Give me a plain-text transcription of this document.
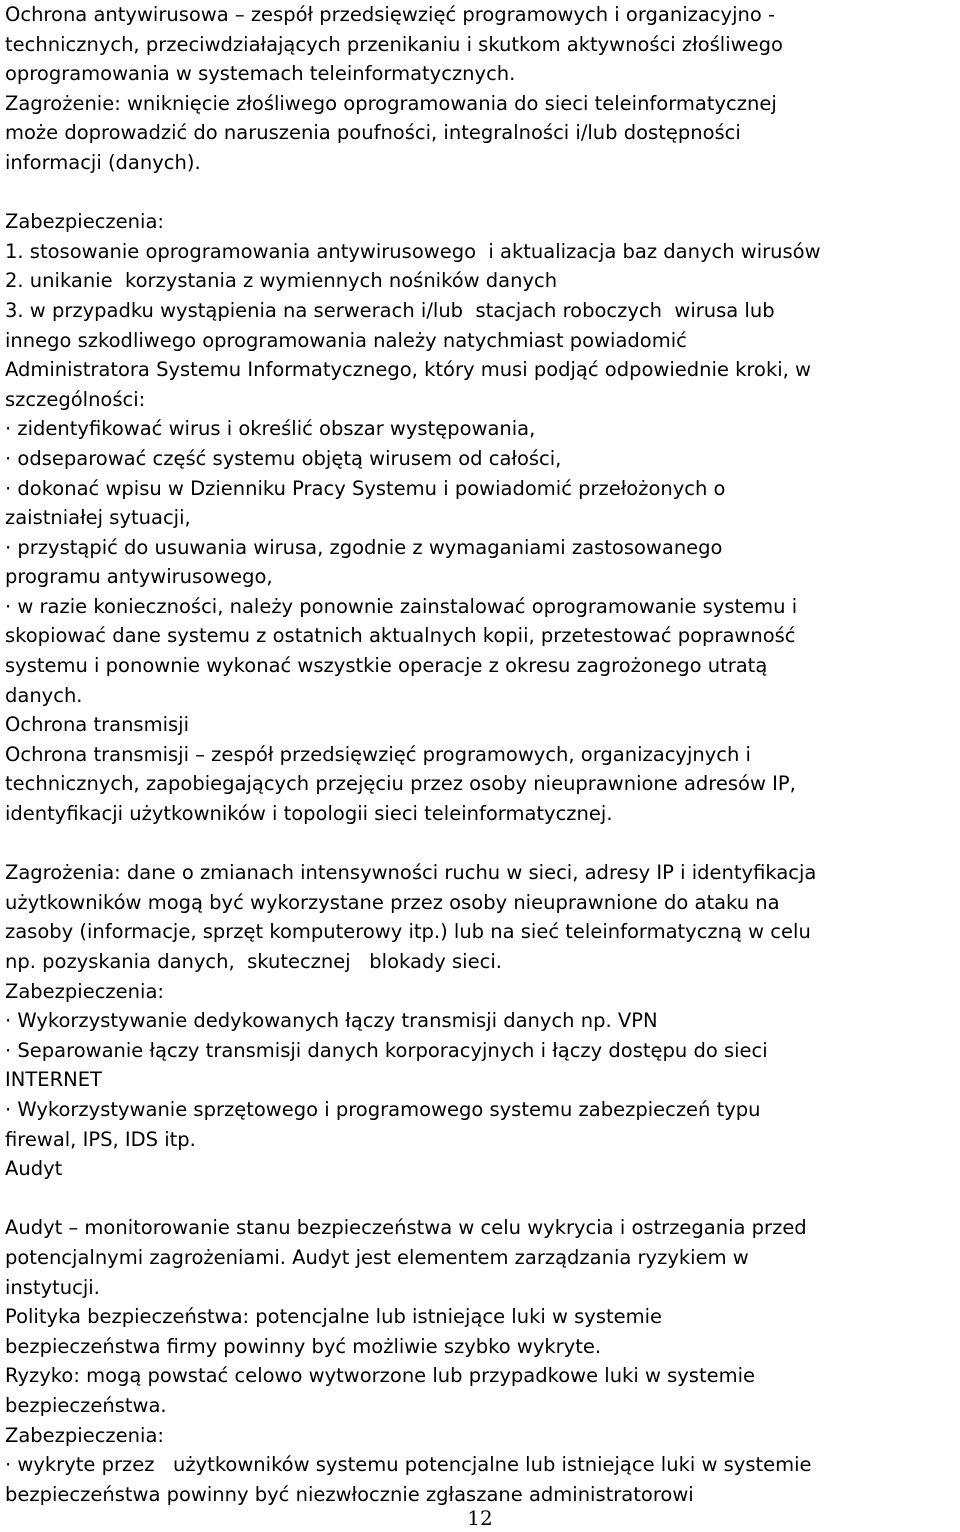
Ochrona antywirusowa – zespół przedsięwzięć programowych i organizacyjno -
technicznych, przeciwdziałających przenikaniu i skutkom aktywności złośliwego
oprogramowania w systemach teleinformatycznych.
Zagrożenie: wniknięcie złośliwego oprogramowania do sieci teleinformatycznej
może doprowadzić do naruszenia poufności, integralności i/lub dostępności
informacji (danych).
Zabezpieczenia:
1. stosowanie oprogramowania antywirusowego  i aktualizacja baz danych wirusów
2. unikanie  korzystania z wymiennych nośników danych
3. w przypadku wystąpienia na serwerach i/lub  stacjach roboczych  wirusa lub
innego szkodliwego oprogramowania należy natychmiast powiadomić
Administratora Systemu Informatycznego, który musi podjąć odpowiednie kroki, w
szczególności:
· zidentyfikować wirus i określić obszar występowania,
· odseparować część systemu objętą wirusem od całości,
· dokonać wpisu w Dzienniku Pracy Systemu i powiadomić przełożonych o
zaistniałej sytuacji,
· przystąpić do usuwania wirusa, zgodnie z wymaganiami zastosowanego
programu antywirusowego,
· w razie konieczności, należy ponownie zainstalować oprogramowanie systemu i
skopiować dane systemu z ostatnich aktualnych kopii, przetestować poprawność
systemu i ponownie wykonać wszystkie operacje z okresu zagrożonego utratą
danych.
Ochrona transmisji
Ochrona transmisji – zespół przedsięwzięć programowych, organizacyjnych i
technicznych, zapobiegających przejęciu przez osoby nieuprawnione adresów IP,
identyfikacji użytkowników i topologii sieci teleinformatycznej.
Zagrożenia: dane o zmianach intensywności ruchu w sieci, adresy IP i identyfikacja
użytkowników mogą być wykorzystane przez osoby nieuprawnione do ataku na
zasoby (informacje, sprzęt komputerowy itp.) lub na sieć teleinformatyczną w celu
np. pozyskania danych,  skutecznej   blokady sieci.
Zabezpieczenia:
· Wykorzystywanie dedykowanych łączy transmisji danych np. VPN
· Separowanie łączy transmisji danych korporacyjnych i łączy dostępu do sieci
INTERNET
· Wykorzystywanie sprzętowego i programowego systemu zabezpieczeń typu
firewal, IPS, IDS itp.
Audyt
Audyt – monitorowanie stanu bezpieczeństwa w celu wykrycia i ostrzegania przed
potencjalnymi zagrożeniami. Audyt jest elementem zarządzania ryzykiem w
instytucji.
Polityka bezpieczeństwa: potencjalne lub istniejące luki w systemie
bezpieczeństwa firmy powinny być możliwie szybko wykryte.
Ryzyko: mogą powstać celowo wytworzone lub przypadkowe luki w systemie
bezpieczeństwa.
Zabezpieczenia:
· wykryte przez   użytkowników systemu potencjalne lub istniejące luki w systemie
bezpieczeństwa powinny być niezwłocznie zgłaszane administratorowi
12
